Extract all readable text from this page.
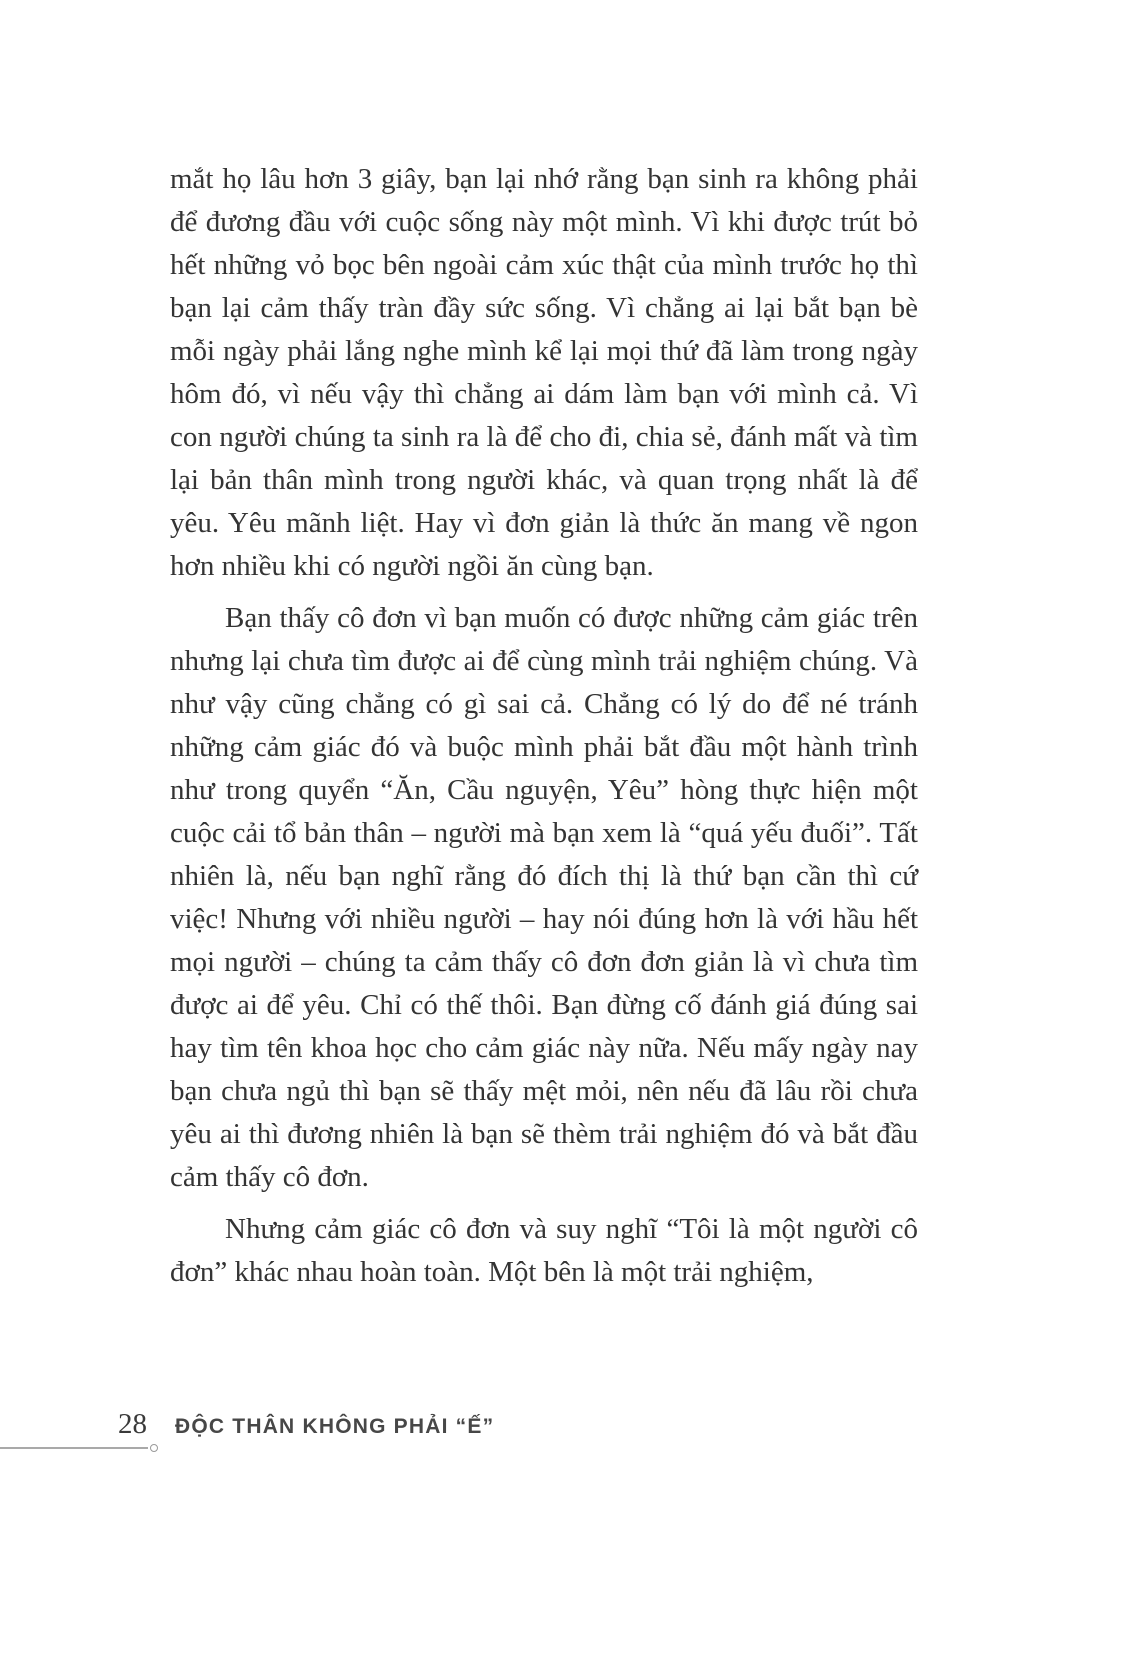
mắt họ lâu hơn 3 giây, bạn lại nhớ rằng bạn sinh ra không phải để đương đầu với cuộc sống này một mình. Vì khi được trút bỏ hết những vỏ bọc bên ngoài cảm xúc thật của mình trước họ thì bạn lại cảm thấy tràn đầy sức sống. Vì chẳng ai lại bắt bạn bè mỗi ngày phải lắng nghe mình kể lại mọi thứ đã làm trong ngày hôm đó, vì nếu vậy thì chẳng ai dám làm bạn với mình cả. Vì con người chúng ta sinh ra là để cho đi, chia sẻ, đánh mất và tìm lại bản thân mình trong người khác, và quan trọng nhất là để yêu. Yêu mãnh liệt. Hay vì đơn giản là thức ăn mang về ngon hơn nhiều khi có người ngồi ăn cùng bạn.

Bạn thấy cô đơn vì bạn muốn có được những cảm giác trên nhưng lại chưa tìm được ai để cùng mình trải nghiệm chúng. Và như vậy cũng chẳng có gì sai cả. Chẳng có lý do để né tránh những cảm giác đó và buộc mình phải bắt đầu một hành trình như trong quyển “Ăn, Cầu nguyện, Yêu” hòng thực hiện một cuộc cải tổ bản thân – người mà bạn xem là “quá yếu đuối”. Tất nhiên là, nếu bạn nghĩ rằng đó đích thị là thứ bạn cần thì cứ việc! Nhưng với nhiều người – hay nói đúng hơn là với hầu hết mọi người – chúng ta cảm thấy cô đơn đơn giản là vì chưa tìm được ai để yêu. Chỉ có thế thôi. Bạn đừng cố đánh giá đúng sai hay tìm tên khoa học cho cảm giác này nữa. Nếu mấy ngày nay bạn chưa ngủ thì bạn sẽ thấy mệt mỏi, nên nếu đã lâu rồi chưa yêu ai thì đương nhiên là bạn sẽ thèm trải nghiệm đó và bắt đầu cảm thấy cô đơn.

Nhưng cảm giác cô đơn và suy nghĩ “Tôi là một người cô đơn” khác nhau hoàn toàn. Một bên là một trải nghiệm,

28 ĐỘC THÂN KHÔNG PHẢI “Ế”
